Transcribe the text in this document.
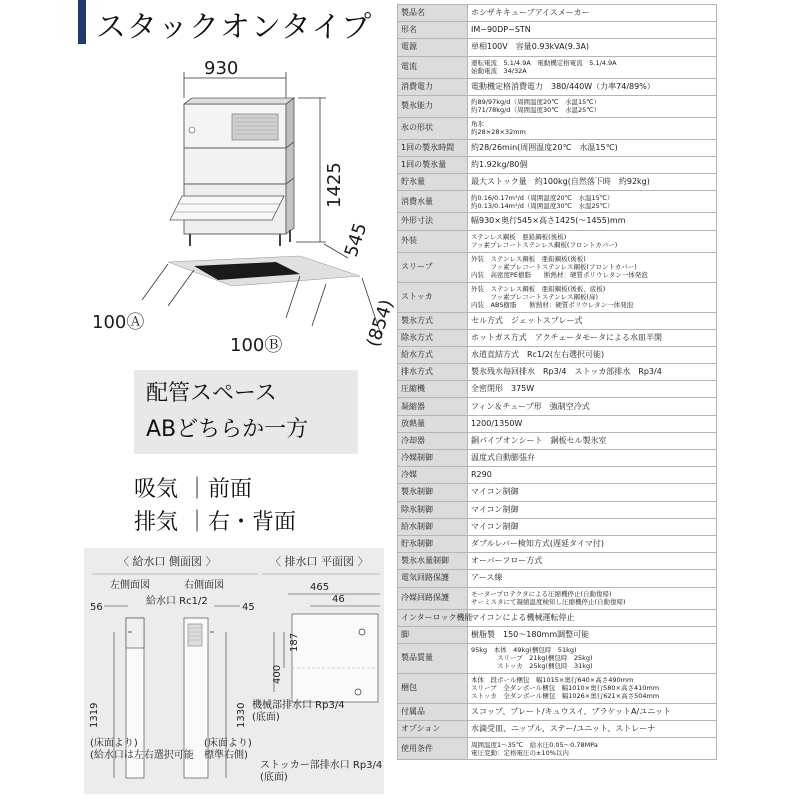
スタックオンタイプ
930
1425
545
(854)
100Ⓐ
100Ⓑ
配管スペース
ABどちらか一方
吸気 ｜ 前面
排気 ｜ 右・背面
〈 給水口 側面図 〉	〈 排水口 平面図 〉
左側面図	右側面図
給水口 Rc1/2
56	45
1319	1330
(床面より)
(給水口は左右選択可能
(床面より)
標準右側)
465
46
187
400
機械部排水口 Rp3/4
(底面)
ストッカー部排水口 Rp3/4
(底面)
製品名	ホシザキキューブアイスメーカー

形名	IM−90DP−STN

電源	単相100V　容量0.93kVA(9.3A)

電流	運転電流　5.1/4.9A　電動機定格電流　5.1/4.9A
始動電流　34/32A

消費電力	電動機定格消費電力　380/440W（力率74/89%）

製氷能力	約89/97kg/d（周囲温度20℃　水温15℃）
約71/78kg/d（周囲温度30℃　水温25℃）

氷の形状	角氷
約28×28×32mm

1回の製氷時間	約28/26min(周囲温度20℃　水温15℃)

1回の製氷量	約1.92kg/80個

貯氷量	最大ストック量　約100kg(自然落下時　約92kg)

消費水量	約0.16/0.17m³/d（周囲温度20℃　水温15℃）
約0.13/0.14m³/d（周囲温度30℃　水温25℃）

外形寸法	幅930×奥行545×高さ1425(〜1455)mm

外装	ステンレス鋼板　亜鉛鋼板(後板)
フッ素プレコートステンレス鋼板(フロントカバー)

スリーブ	外装　ステンレス鋼板　亜鉛鋼板(後板)
　　　フッ素プレコートステンレス鋼板(フロントカバー)
内装　高密度PE樹脂　　断熱材：硬質ポリウレタン一体発泡

ストッカ	外装　ステンレス鋼板　亜鉛鋼板(後板、底板)
　　　フッ素プレコートステンレス鋼板(扉)
内装　ABS樹脂　　断熱材：硬質ポリウレタン一体発泡

製氷方式	セル方式　ジェットスプレー式

除氷方式	ホットガス方式　アクチェータモータによる水皿半開

給水方式	水道直結方式　Rc1/2(左右選択可能)

排水方式	製氷残水毎回排水　Rp3/4　ストッカ部排水　Rp3/4

圧縮機	全密閉形　375W

凝縮器	フィン＆チューブ形　強制空冷式

放熱量	1200/1350W

冷却器	銅パイプオンシート　銅板セル製氷室

冷媒制御	温度式自動膨張弁

冷媒	R290

製氷制御	マイコン制御

除氷制御	マイコン制御

給水制御	マイコン制御

貯氷制御	ダブルレバー検知方式(遅延タイマ付)

製氷水量制御	オーバーフロー方式

電気回路保護	アース線

冷媒回路保護	モータープロテクタによる圧縮機停止(自動復帰)
サーミスタにて凝縮温度検知し圧縮機停止(自動復帰)

インターロック機能	マイコンによる機械運転停止

脚	樹脂製　150〜180mm調整可能

製品質量	95kg　本体　49kg(梱包時　51kg)
　　　　スリーブ　21kg(梱包時　25kg)
　　　　ストッカ　25kg(梱包時　31kg)

梱包	本体　段ボール梱包　幅1015×奥行640×高さ490mm
スリーブ　全ダンボール梱包　幅1010×奥行580×高さ410mm
ストッカ　全ダンボール梱包　幅1026×奥行621×高さ504mm

付属品	スコップ、プレート/キュウスイ、ブラケットA/ユニット

オプション	水滴受皿、ニップル、ステー/ユニット、ストレーナ

使用条件	周囲温度1〜35℃　給水圧0.05〜0.78MPa
電圧変動：定格電圧の±10%以内
